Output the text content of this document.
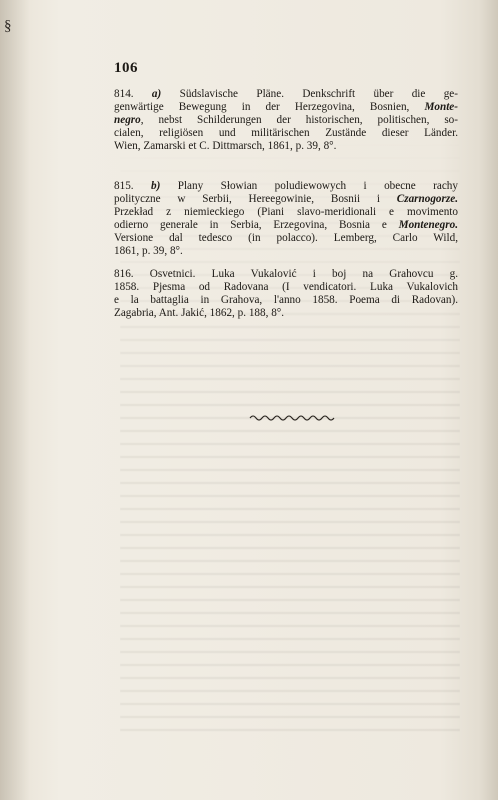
§
106
814. a) Südslavische Pläne. Denkschrift über die ge-
genwärtige Bewegung in der Herzegovina, Bosnien, Monte-
negro, nebst Schilderungen der historischen, politischen, so-
cialen, religiösen und militärischen Zustände dieser Länder.
Wien, Zamarski et C. Dittmarsch, 1861, p. 39, 8°.
815. b) Plany Słowian poludiewowych i obecne rachy
polityczne w Serbii, Hereegowinie, Bosnii i Czarnogorze.
Przekład z niemieckiego (Piani slavo-meridionali e movimento
odierno generale in Serbia, Erzegovina, Bosnia e Montenegro.
Versione dal tedesco (in polacco). Lemberg, Carlo Wild,
1861, p. 39, 8°.
816. Osvetnici. Luka Vukalović i boj na Grahovcu g.
1858. Pjesma od Radovana (I vendicatori. Luka Vukalovich
e la battaglia in Grahova, l'anno 1858. Poema di Radovan).
Zagabria, Ant. Jakić, 1862, p. 188, 8°.
